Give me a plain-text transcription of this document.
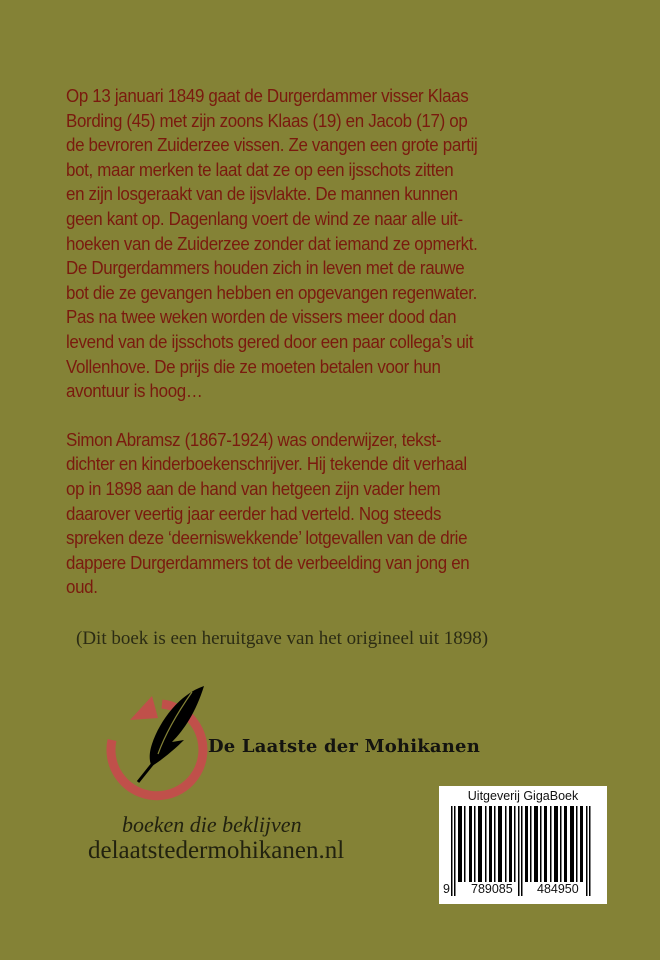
Op 13 januari 1849 gaat de Durgerdammer visser Klaas
Bording (45) met zijn zoons Klaas (19) en Jacob (17) op
de bevroren Zuiderzee vissen. Ze vangen een grote partij
bot, maar merken te laat dat ze op een ijsschots zitten
en zijn losgeraakt van de ijsvlakte. De mannen kunnen
geen kant op. Dagenlang voert de wind ze naar alle uit-
hoeken van de Zuiderzee zonder dat iemand ze opmerkt.
De Durgerdammers houden zich in leven met de rauwe
bot die ze gevangen hebben en opgevangen regenwater.
Pas na twee weken worden de vissers meer dood dan
levend van de ijsschots gered door een paar collega’s uit
Vollenhove. De prijs die ze moeten betalen voor hun
avontuur is hoog…
Simon Abramsz (1867-1924) was onderwijzer, tekst-
dichter en kinderboekenschrijver. Hij tekende dit verhaal
op in 1898 aan de hand van hetgeen zijn vader hem
daarover veertig jaar eerder had verteld. Nog steeds
spreken deze ‘deerniswekkende’ lotgevallen van de drie
dappere Durgerdammers tot de verbeelding van jong en
oud.
(Dit boek is een heruitgave van het origineel uit 1898)
De Laatste der Mohikanen
boeken die beklijven
delaatstedermohikanen.nl
Uitgeverij GigaBoek
9 789085 484950
